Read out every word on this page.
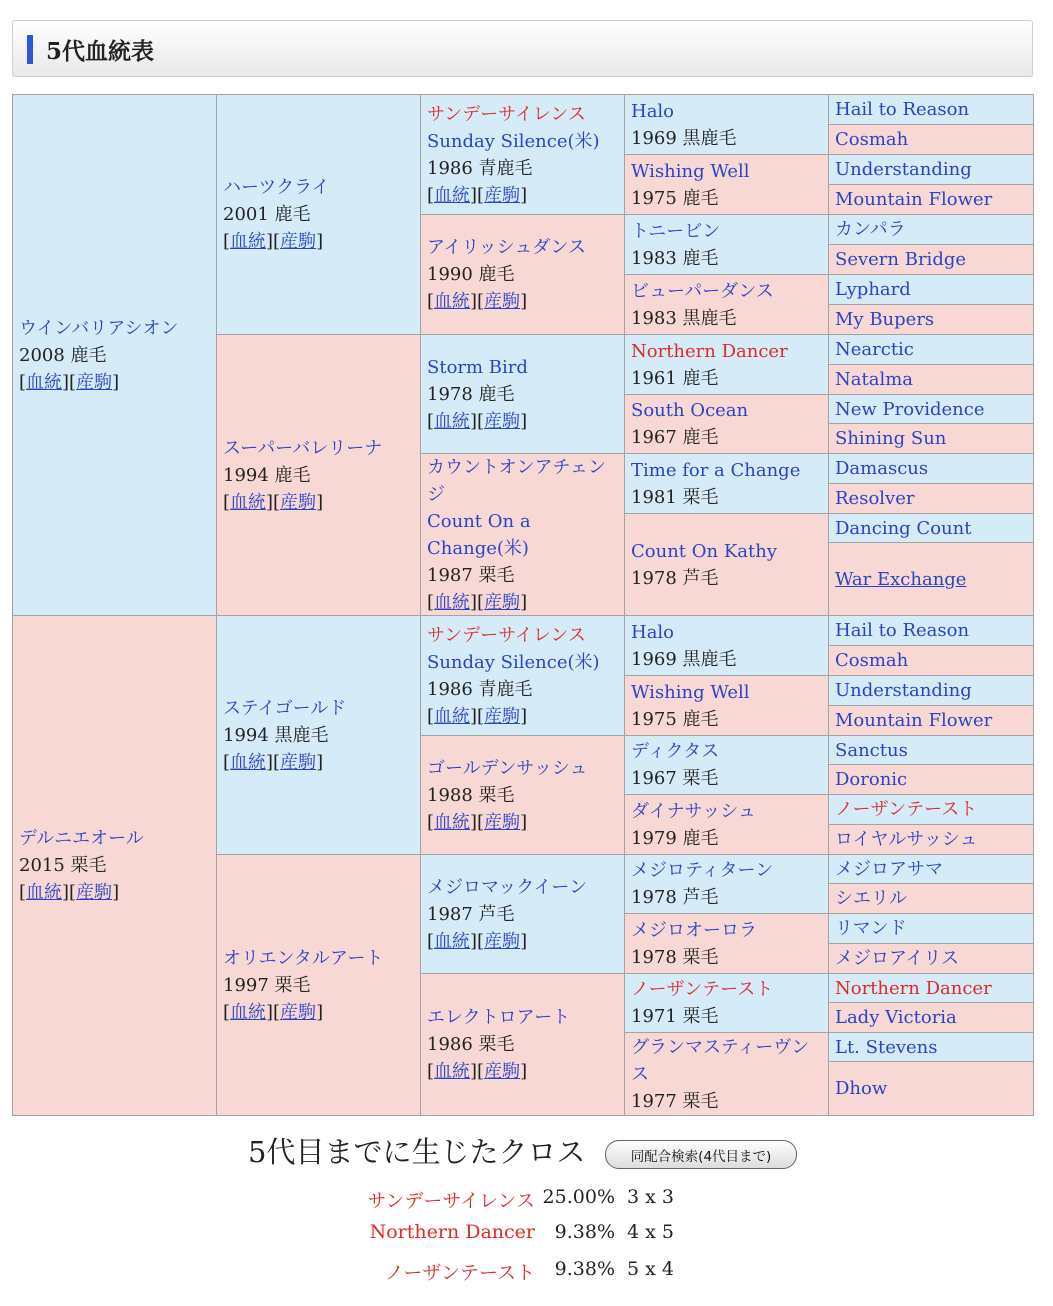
5代血統表
ウインバリアシオン
2008 鹿毛
[血統][産駒]
デルニエオール
2015 栗毛
[血統][産駒]
ハーツクライ
2001 鹿毛
[血統][産駒]
スーパーバレリーナ
1994 鹿毛
[血統][産駒]
ステイゴールド
1994 黒鹿毛
[血統][産駒]
オリエンタルアート
1997 栗毛
[血統][産駒]
サンデーサイレンス
Sunday Silence(米)
1986 青鹿毛
[血統][産駒]
アイリッシュダンス
1990 鹿毛
[血統][産駒]
Storm Bird
1978 鹿毛
[血統][産駒]
カウントオンアチェンジ
Count On a Change(米)
1987 栗毛
[血統][産駒]
サンデーサイレンス
Sunday Silence(米)
1986 青鹿毛
[血統][産駒]
ゴールデンサッシュ
1988 栗毛
[血統][産駒]
メジロマックイーン
1987 芦毛
[血統][産駒]
エレクトロアート
1986 栗毛
[血統][産駒]
Halo
1969 黒鹿毛
Wishing Well
1975 鹿毛
トニービン
1983 鹿毛
ビューパーダンス
1983 黒鹿毛
Northern Dancer
1961 鹿毛
South Ocean
1967 鹿毛
Time for a Change
1981 栗毛
Count On Kathy
1978 芦毛
Halo
1969 黒鹿毛
Wishing Well
1975 鹿毛
ディクタス
1967 栗毛
ダイナサッシュ
1979 鹿毛
メジロティターン
1978 芦毛
メジロオーロラ
1978 栗毛
ノーザンテースト
1971 栗毛
グランマスティーヴンス
1977 栗毛
Hail to Reason
Cosmah
Understanding
Mountain Flower
カンパラ
Severn Bridge
Lyphard
My Bupers
Nearctic
Natalma
New Providence
Shining Sun
Damascus
Resolver
Dancing Count
War Exchange
Hail to Reason
Cosmah
Understanding
Mountain Flower
Sanctus
Doronic
ノーザンテースト
ロイヤルサッシュ
メジロアサマ
シエリル
リマンド
メジロアイリス
Northern Dancer
Lady Victoria
Lt. Stevens
Dhow
5代目までに生じたクロス	同配合検索(4代目まで)
サンデーサイレンス 25.00% 3 x 3
Northern Dancer 9.38% 4 x 5
ノーザンテースト 9.38% 5 x 4
